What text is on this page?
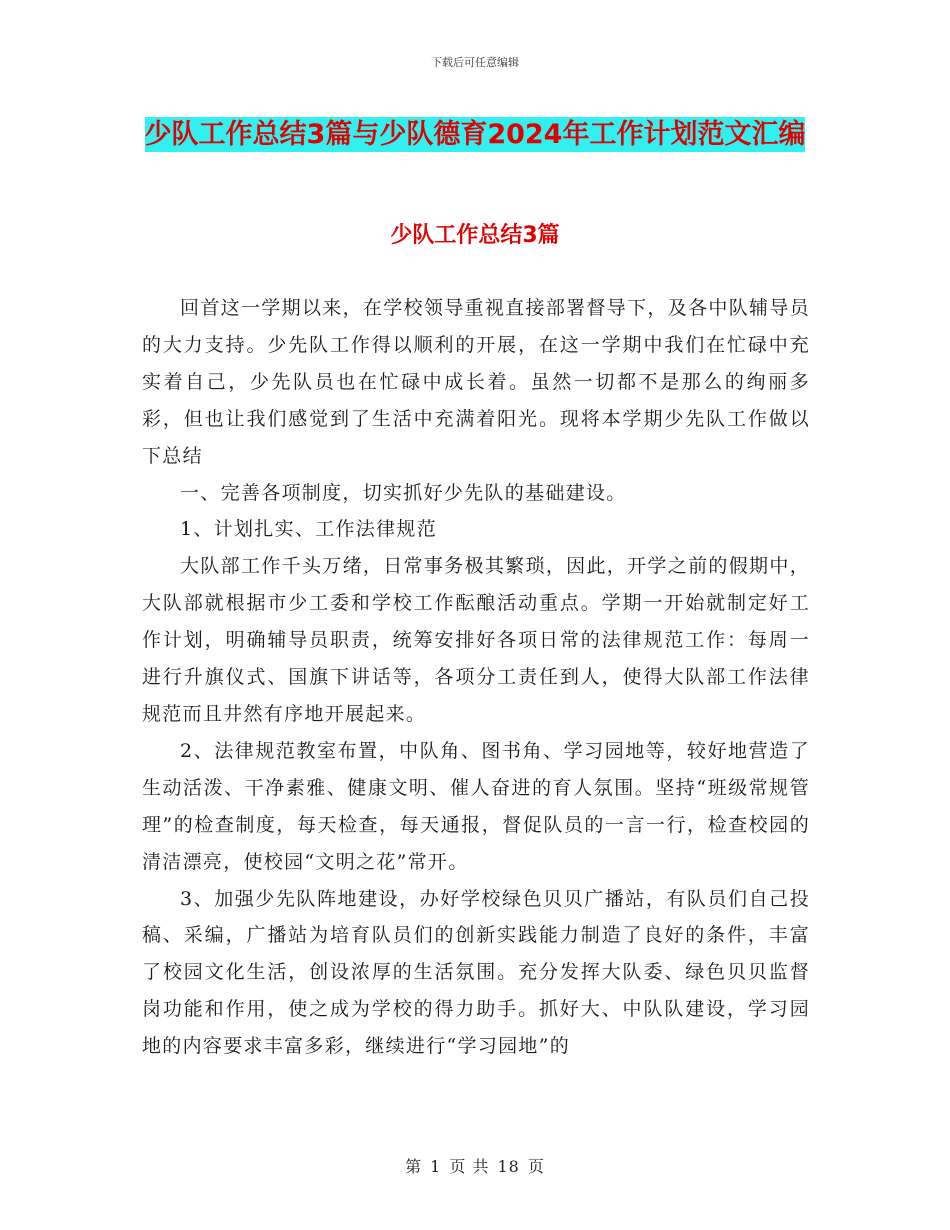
下载后可任意编辑
少队工作总结3篇与少队德育2024年工作计划范文汇编
少队工作总结3篇

回首这一学期以来，在学校领导重视直接部署督导下，及各中队辅导员的大力支持。少先队工作得以顺利的开展，在这一学期中我们在忙碌中充实着自己，少先队员也在忙碌中成长着。虽然一切都不是那么的绚丽多彩，但也让我们感觉到了生活中充满着阳光。现将本学期少先队工作做以下总结

一、完善各项制度，切实抓好少先队的基础建设。

1、计划扎实、工作法律规范

大队部工作千头万绪，日常事务极其繁琐，因此，开学之前的假期中，大队部就根据市少工委和学校工作酝酿活动重点。学期一开始就制定好工作计划，明确辅导员职责，统筹安排好各项日常的法律规范工作：每周一进行升旗仪式、国旗下讲话等，各项分工责任到人，使得大队部工作法律规范而且井然有序地开展起来。

2、法律规范教室布置，中队角、图书角、学习园地等，较好地营造了生动活泼、干净素雅、健康文明、催人奋进的育人氛围。坚持“班级常规管理”的检查制度，每天检查，每天通报，督促队员的一言一行，检查校园的清洁漂亮，使校园“文明之花”常开。

3、加强少先队阵地建设，办好学校绿色贝贝广播站，有队员们自己投稿、采编，广播站为培育队员们的创新实践能力制造了良好的条件，丰富了校园文化生活，创设浓厚的生活氛围。充分发挥大队委、绿色贝贝监督岗功能和作用，使之成为学校的得力助手。抓好大、中队队建设，学习园地的内容要求丰富多彩，继续进行“学习园地”的

第 1 页 共 18 页
